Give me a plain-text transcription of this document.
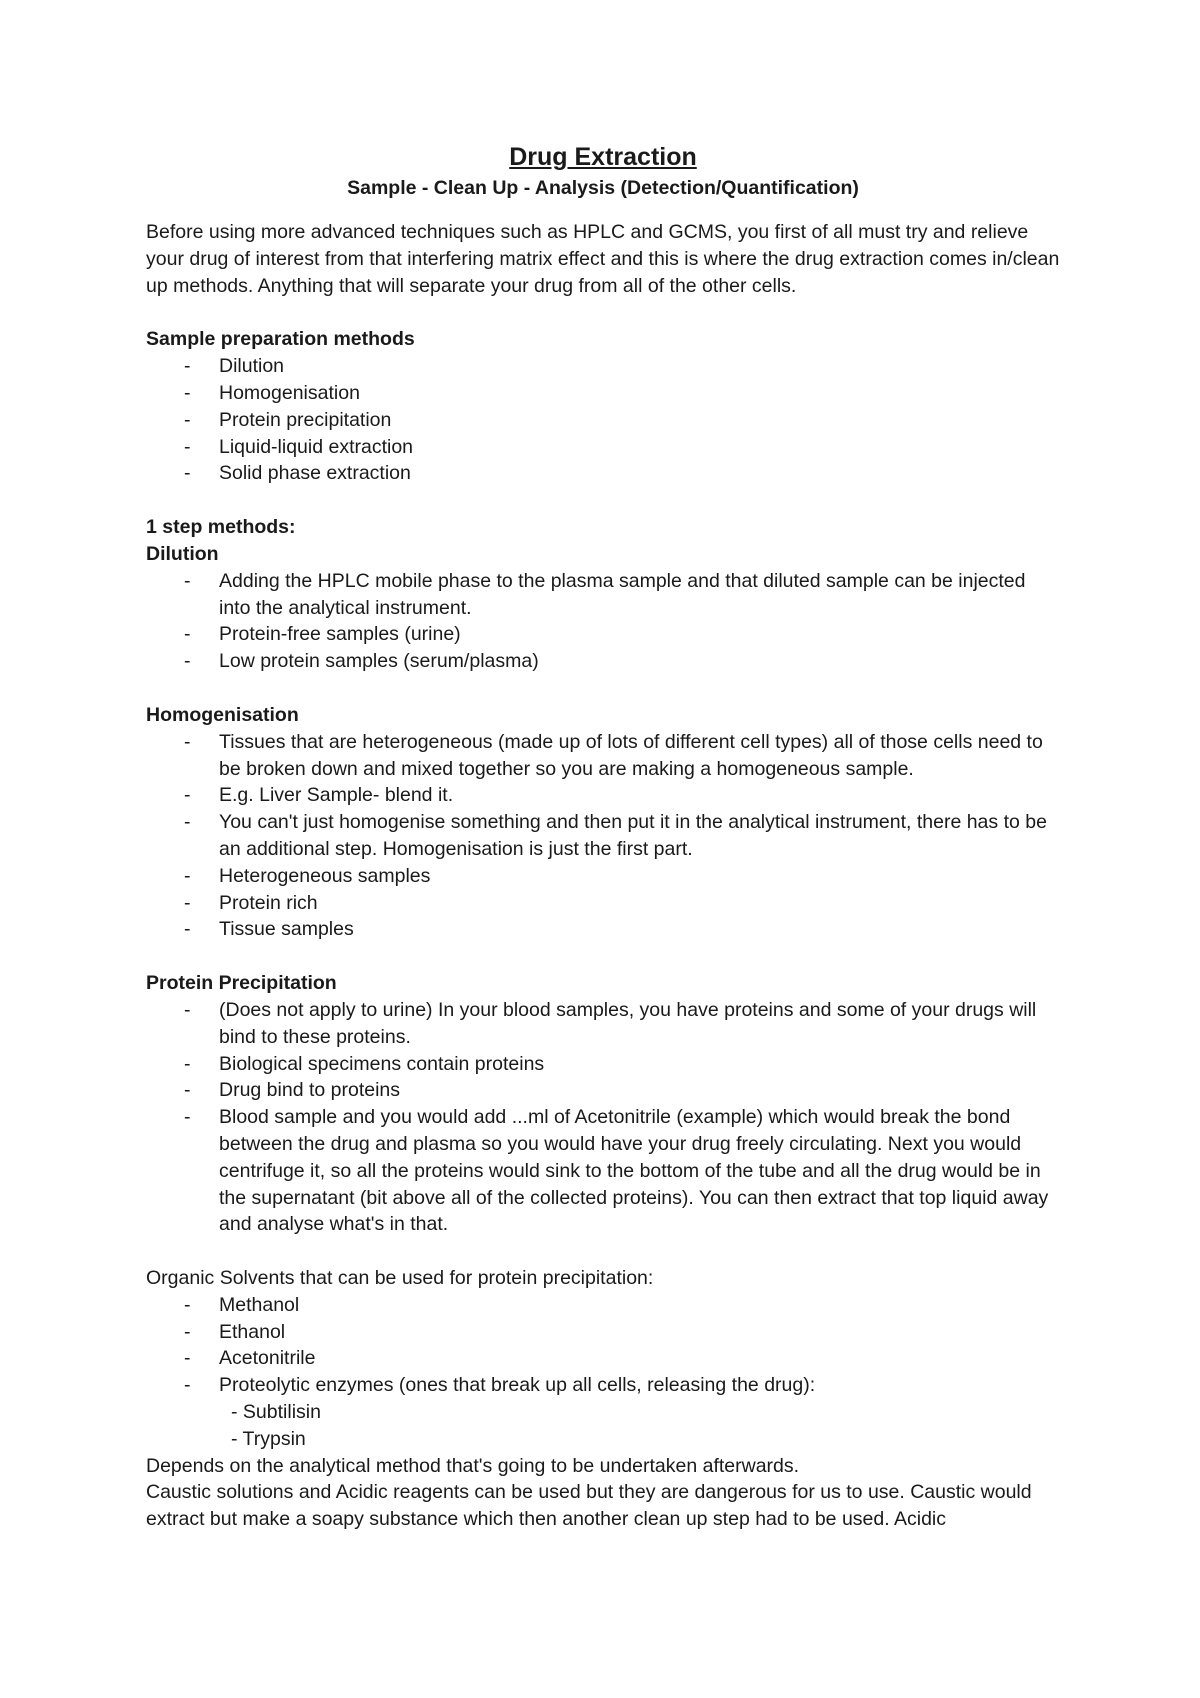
Drug Extraction

Sample - Clean Up - Analysis (Detection/Quantification)

Before using more advanced techniques such as HPLC and GCMS, you first of all must try and relieve your drug of interest from that interfering matrix effect and this is where the drug extraction comes in/clean up methods. Anything that will separate your drug from all of the other cells.

Sample preparation methods

- Dilution
- Homogenisation
- Protein precipitation
- Liquid-liquid extraction
- Solid phase extraction

1 step methods:

Dilution

- Adding the HPLC mobile phase to the plasma sample and that diluted sample can be injected into the analytical instrument.
- Protein-free samples (urine)
- Low protein samples (serum/plasma)

Homogenisation

- Tissues that are heterogeneous (made up of lots of different cell types) all of those cells need to be broken down and mixed together so you are making a homogeneous sample.
- E.g. Liver Sample- blend it.
- You can't just homogenise something and then put it in the analytical instrument, there has to be an additional step. Homogenisation is just the first part.
- Heterogeneous samples
- Protein rich
- Tissue samples

Protein Precipitation

- (Does not apply to urine) In your blood samples, you have proteins and some of your drugs will bind to these proteins.
- Biological specimens contain proteins
- Drug bind to proteins
- Blood sample and you would add ...ml of Acetonitrile (example) which would break the bond between the drug and plasma so you would have your drug freely circulating. Next you would centrifuge it, so all the proteins would sink to the bottom of the tube and all the drug would be in the supernatant (bit above all of the collected proteins). You can then extract that top liquid away and analyse what's in that.

Organic Solvents that can be used for protein precipitation:

- Methanol
- Ethanol
- Acetonitrile
- Proteolytic enzymes (ones that break up all cells, releasing the drug):
- Subtilisin
- Trypsin

Depends on the analytical method that's going to be undertaken afterwards.

Caustic solutions and Acidic reagents can be used but they are dangerous for us to use. Caustic would extract but make a soapy substance which then another clean up step had to be used. Acidic
